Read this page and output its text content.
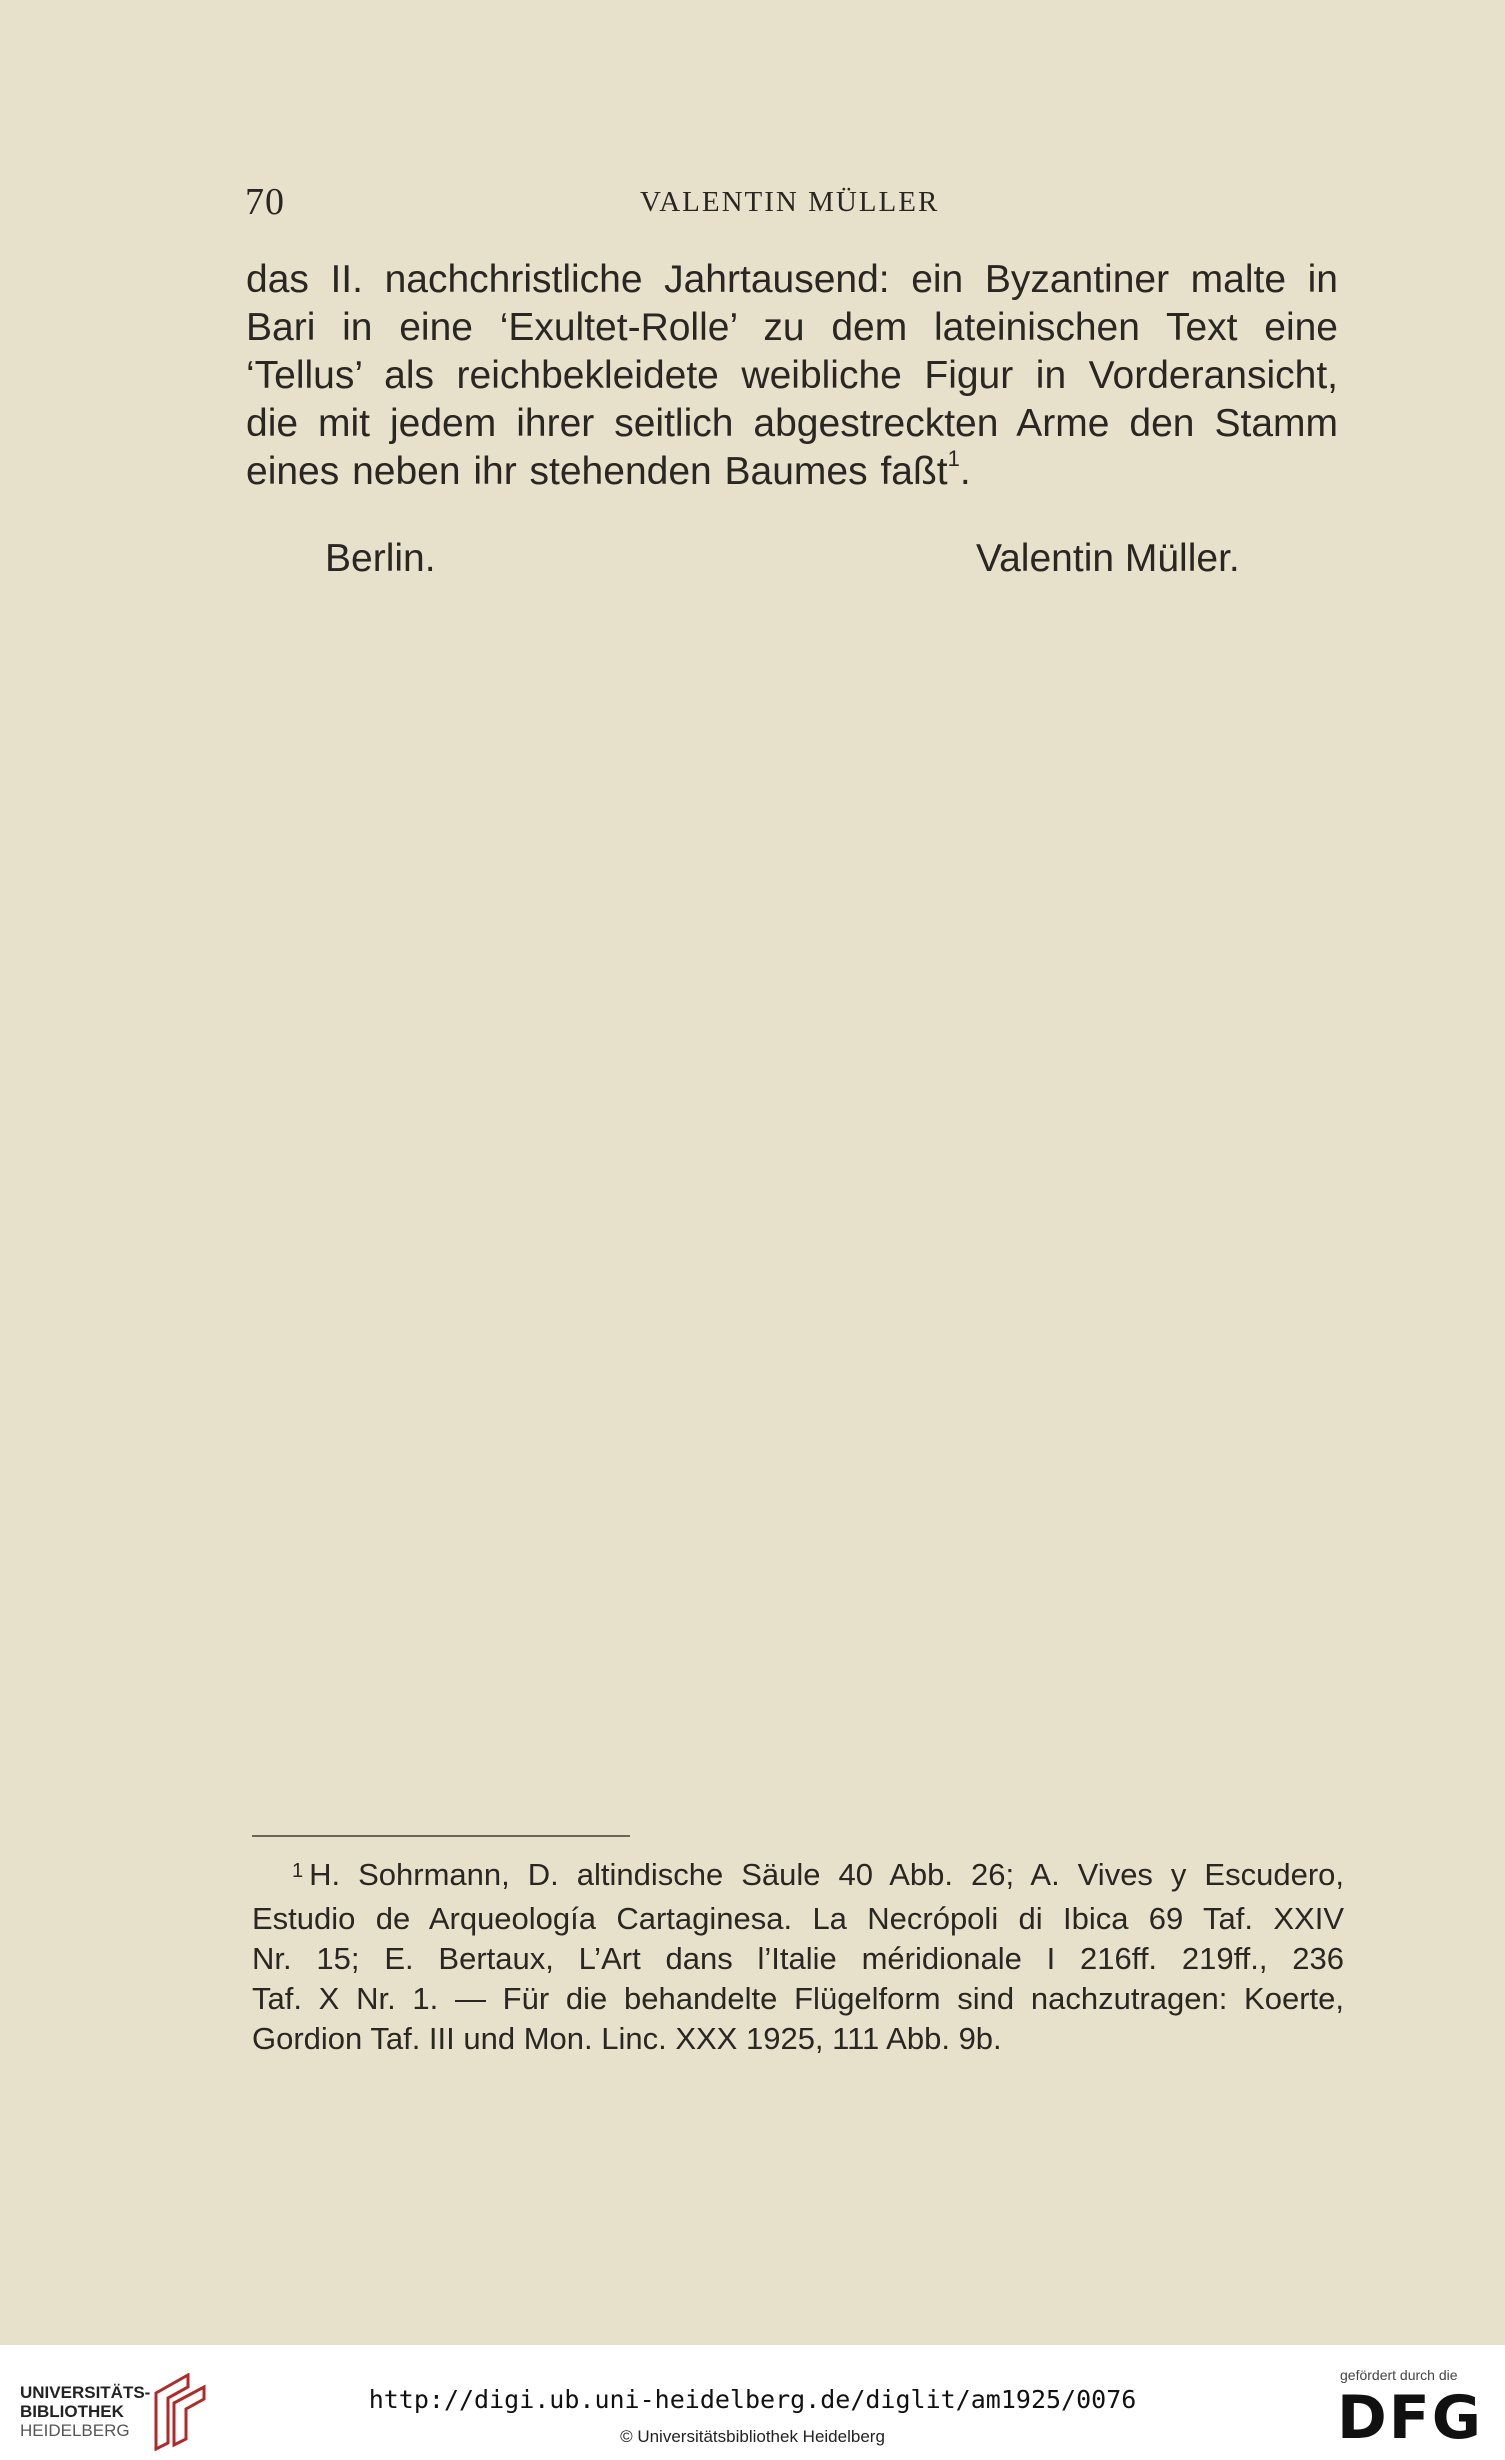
70	VALENTIN MÜLLER
das II. nachchristliche Jahrtausend: ein Byzantiner malte in
Bari in eine ‘Exultet-Rolle’ zu dem lateinischen Text eine
‘Tellus’ als reichbekleidete weibliche Figur in Vorderansicht,
die mit jedem ihrer seitlich abgestreckten Arme den Stamm
eines neben ihr stehenden Baumes faßt$^1$.
Berlin.	Valentin Müller.
$^1$ H. Sohrmann, D. altindische Säule 40 Abb. 26; A. Vives y Escudero,
Estudio de Arqueología Cartaginesa. La Necrópoli di Ibica 69 Taf. XXIV
Nr. 15; E. Bertaux, L’Art dans l’Italie méridionale I 216ff. 219ff., 236
Taf. X Nr. 1. — Für die behandelte Flügelform sind nachzutragen: Koerte,
Gordion Taf. III und Mon. Linc. XXX 1925, 111 Abb. 9b.
UNIVERSITÄTS-
BIBLIOTHEK
HEIDELBERG
http://digi.ub.uni-heidelberg.de/diglit/am1925/0076
© Universitätsbibliothek Heidelberg
gefördert durch die
DFG
